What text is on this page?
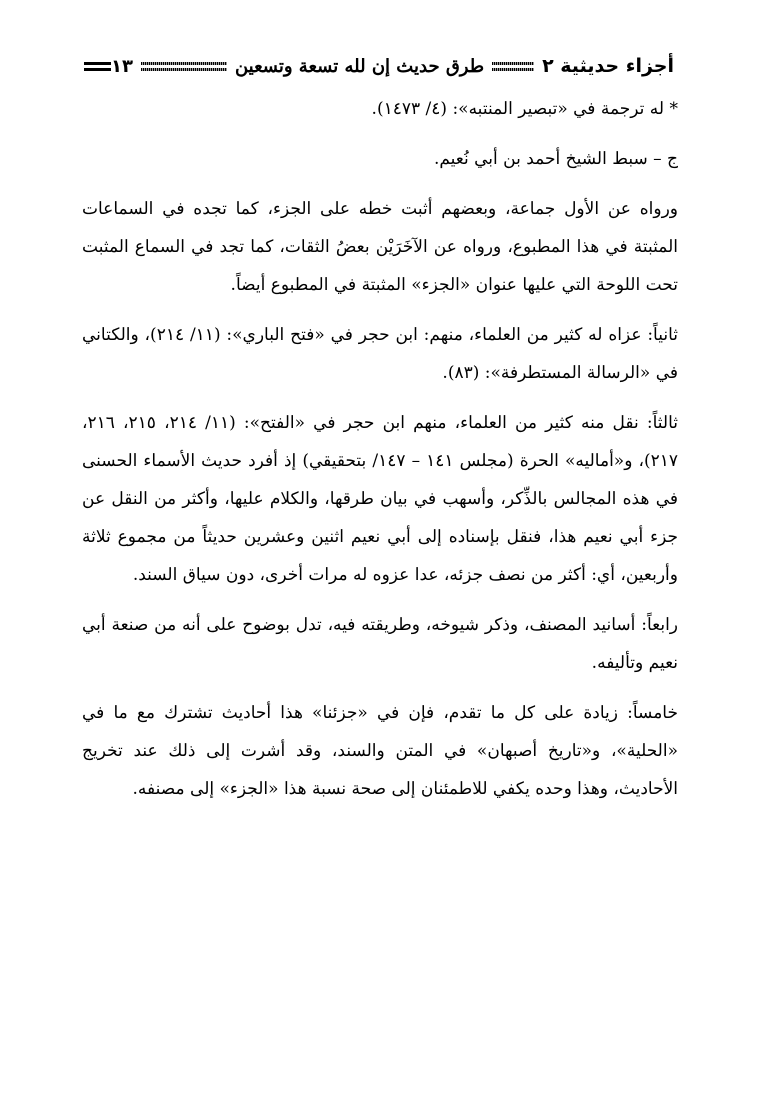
أجزاء حديثية ٢
طرق حديث إن لله تسعة وتسعين
١٣

* له ترجمة في «تبصير المنتبه»: (٤/ ١٤٧٣).

ج – سبط الشيخ أحمد بن أبي نُعيم.

ورواه عن الأول جماعة، وبعضهم أثبت خطه على الجزء، كما تجده في السماعات المثبتة في هذا المطبوع، ورواه عن الآخَرَيْن بعضُ الثقات، كما تجد في السماع المثبت تحت اللوحة التي عليها عنوان «الجزء» المثبتة في المطبوع أيضاً.

ثانياً: عزاه له كثير من العلماء، منهم: ابن حجر في «فتح الباري»: (١١/ ٢١٤)، والكتاني في «الرسالة المستطرفة»: (٨٣).

ثالثاً: نقل منه كثير من العلماء، منهم ابن حجر في «الفتح»: (١١/ ٢١٤، ٢١٥، ٢١٦، ٢١٧)، و«أماليه» الحرة (مجلس ١٤١ – ١٤٧/ بتحقيقي) إذ أفرد حديث الأسماء الحسنى في هذه المجالس بالذِّكر، وأسهب في بيان طرقها، والكلام عليها، وأكثر من النقل عن جزء أبي نعيم هذا، فنقل بإسناده إلى أبي نعيم اثنين وعشرين حديثاً من مجموع ثلاثة وأربعين، أي: أكثر من نصف جزئه، عدا عزوه له مرات أخرى، دون سياق السند.

رابعاً: أسانيد المصنف، وذكر شيوخه، وطريقته فيه، تدل بوضوح على أنه من صنعة أبي نعيم وتأليفه.

خامساً: زيادة على كل ما تقدم، فإن في «جزئنا» هذا أحاديث تشترك مع ما في «الحلية»، و«تاريخ أصبهان» في المتن والسند، وقد أشرت إلى ذلك عند تخريج الأحاديث، وهذا وحده يكفي للاطمئنان إلى صحة نسبة هذا «الجزء» إلى مصنفه.
